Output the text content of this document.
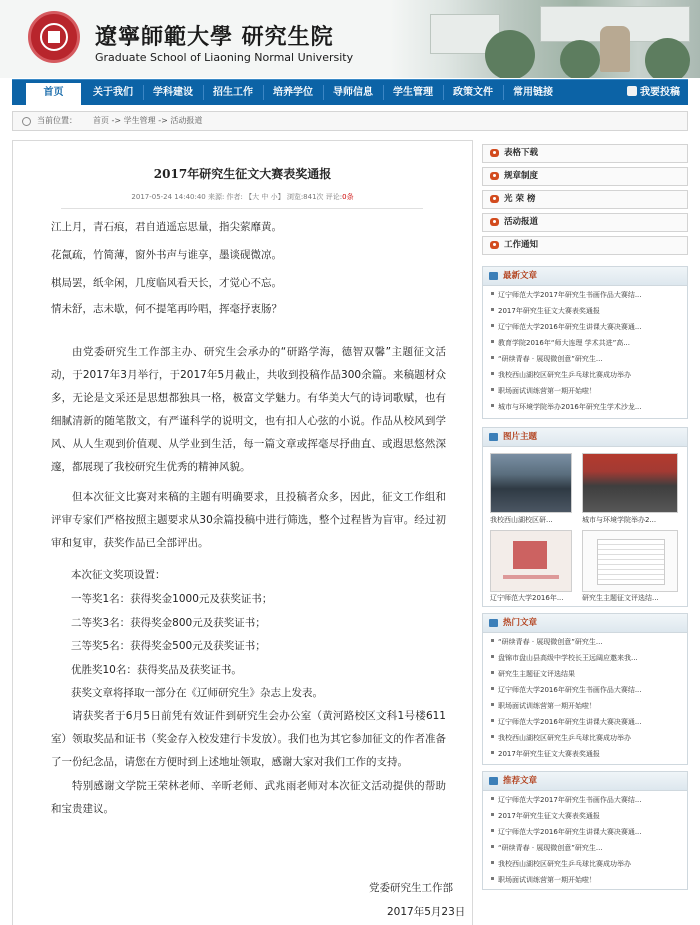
遼寧師範大學 研究生院
Graduate School of Liaoning Normal University
首页	关于我们	学科建设	招生工作	培养学位	导师信息	学生管理	政策文件	常用链接	我要投稿
当前位置： 首页 -> 学生管理 -> 活动报道
2017年研究生征文大赛表奖通报
2017-05-24 14:40:40 来源: 作者: 【大 中 小】 浏览:841次 评论:0条
江上月，青石痕，君自逍遥忘思量，指尖萦靡黄。
花氤疏，竹简薄，窗外书声与谁享，墨谈砚微凉。
棋局罢，纸伞闲，几度临风看天长，才觉心不忘。
情未舒，志未歇，何不提笔再吟唱，挥毫抒衷肠？
由党委研究生工作部主办、研究生会承办的“研路学海，德智双馨”主题征文活动，于2017年3月举行，于2017年5月截止，共收到投稿作品300余篇。来稿题材众多，无论是文采还是思想都独具一格，极富文学魅力。有华美大气的诗词歌赋，也有细腻清新的随笔散文，有严谨科学的说明文，也有扣人心弦的小说。作品从校风到学风、从人生观到价值观、从学业到生活，每一篇文章或挥毫尽抒曲直、或遐思悠然深邃，都展现了我校研究生优秀的精神风貌。
但本次征文比赛对来稿的主题有明确要求，且投稿者众多，因此，征文工作组和评审专家们严格按照主题要求从30余篇投稿中进行筛选，整个过程皆为盲审。经过初审和复审，获奖作品已全部评出。
本次征文奖项设置：
一等奖1名：获得奖金1000元及获奖证书；
二等奖3名：获得奖金800元及获奖证书；
三等奖5名：获得奖金500元及获奖证书；
优胜奖10名：获得奖品及获奖证书。
获奖文章将择取一部分在《辽师研究生》杂志上发表。
请获奖者于6月5日前凭有效证件到研究生会办公室（黄河路校区文科1号楼611室）领取奖品和证书（奖金存入校发建行卡发放）。我们也为其它参加征文的作者准备了一份纪念品，请您在方便时到上述地址领取，感谢大家对我们工作的支持。
特别感谢文学院王荣林老师、辛昕老师、武兆雨老师对本次征文活动提供的帮助和宝贵建议。
党委研究生工作部
2017年5月23日
表格下载
规章制度
光 荣 榜
活动报道
工作通知
最新文章
辽宁师范大学2017年研究生书画作品大赛结...
2017年研究生征文大赛表奖通报
辽宁师范大学2016年研究生讲课大赛决赛通...
教育学院2016年“师大连理 学术共进”高...
“研续青春 · 展现微创意”研究生...
我校西山湖校区研究生乒乓球比赛成功举办
职场面试训练营第一期开始啦！
城市与环境学院举办2016年研究生学术沙龙...
图片主题
我校西山湖校区研...	城市与环境学院举办2...
辽宁师范大学2016年...	研究生主题征文评选结...
热门文章
“研续青春 · 展现微创意”研究生...
盘锦市盘山县高级中学校长王远阔应邀来我...
研究生主题征文评选结果
辽宁师范大学2016年研究生书画作品大赛结...
职场面试训练营第一期开始啦！
辽宁师范大学2016年研究生讲课大赛决赛通...
我校西山湖校区研究生乒乓球比赛成功举办
2017年研究生征文大赛表奖通报
推荐文章
辽宁师范大学2017年研究生书画作品大赛结...
2017年研究生征文大赛表奖通报
辽宁师范大学2016年研究生讲课大赛决赛通...
“研续青春 · 展现微创意”研究生...
我校西山湖校区研究生乒乓球比赛成功举办
职场面试训练营第一期开始啦！
